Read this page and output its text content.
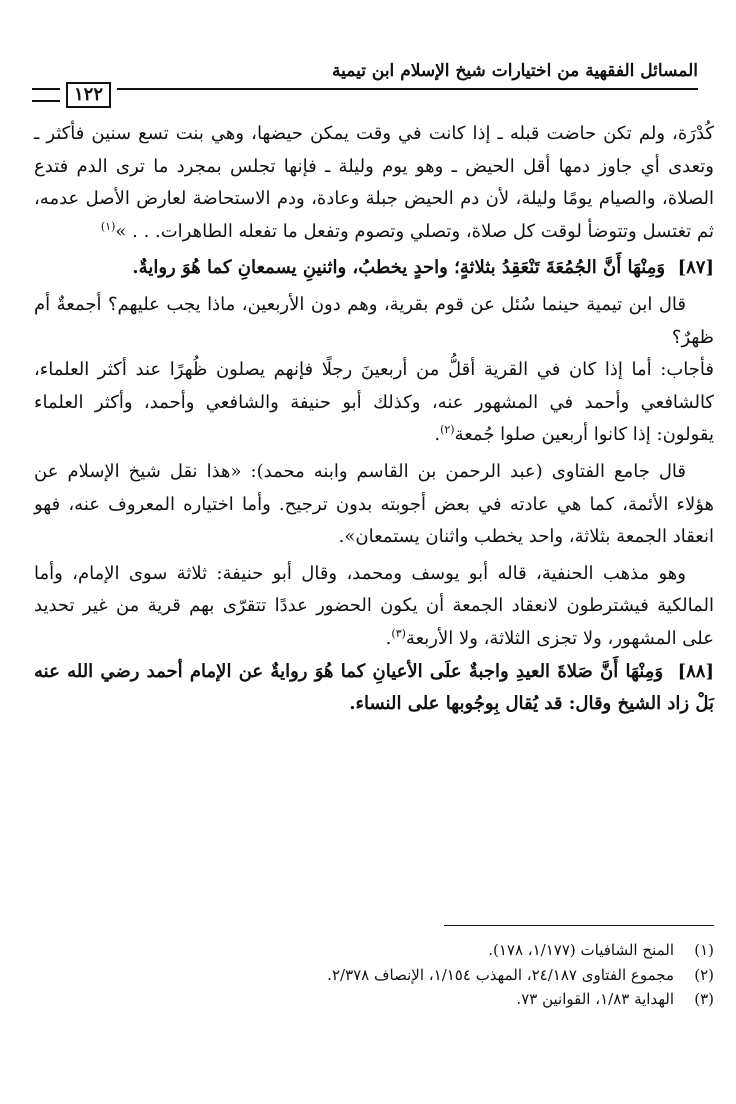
المسائل الفقهية من اختيارات شيخ الإسلام ابن تيمية
١٢٢

كُدْرَة، ولم تكن حاضت قبله ـ إذا كانت في وقت يمكن حيضها، وهي بنت تسع سنين فأكثر ـ وتعدى أي جاوز دمها أقل الحيض ـ وهو يوم وليلة ـ فإنها تجلس بمجرد ما ترى الدم فتدع الصلاة، والصيام يومًا وليلة، لأن دم الحيض جبلة وعادة، ودم الاستحاضة لعارض الأصل عدمه، ثم تغتسل وتتوضأ لوقت كل صلاة، وتصلي وتصوم وتفعل ما تفعله الطاهرات. . . »$^{(١)}$

[٨٧]  وَمِنْهَا أَنَّ الجُمُعَةَ تَنْعَقِدُ بثلاثةٍ؛ واحدٍ يخطبُ، واثنينِ يسمعانِ كما هُوَ روايةٌ.

قال ابن تيمية حينما سُئل عن قوم بقرية، وهم دون الأربعين، ماذا يجب عليهم؟ أجمعةٌ أم ظهرٌ؟

فأجاب: أما إذا كان في القرية أقلُّ من أربعينَ رجلًا فإنهم يصلون ظُهرًا عند أكثر العلماء، كالشافعي وأحمد في المشهور عنه، وكذلك أبو حنيفة والشافعي وأحمد، وأكثر العلماء يقولون: إذا كانوا أربعين صلوا جُمعة$^{(٢)}$.

قال جامع الفتاوى (عبد الرحمن بن القاسم وابنه محمد): «هذا نقل شيخ الإسلام عن هؤلاء الأئمة، كما هي عادته في بعض أجوبته بدون ترجيح. وأما اختياره المعروف عنه، فهو انعقاد الجمعة بثلاثة، واحد يخطب واثنان يستمعان».

وهو مذهب الحنفية، قاله أبو يوسف ومحمد، وقال أبو حنيفة: ثلاثة سوى الإمام، وأما المالكية فيشترطون لانعقاد الجمعة أن يكون الحضور عددًا تتقرّى بهم قرية من غير تحديد على المشهور، ولا تجزى الثلاثة، ولا الأربعة$^{(٣)}$.

[٨٨]  وَمِنْهَا أَنَّ صَلاةَ العيدِ واجبةٌ علَى الأعيانِ كما هُوَ روايةٌ عن الإمام أحمد رضي الله عنه بَلْ زاد الشيخ وقال: قد يُقال بِوجُوبها على النساء.

(١)
المنح الشافيات (١/١٧٧، ١٧٨).
(٢)
مجموع الفتاوى ٢٤/١٨٧، المهذب ١/١٥٤، الإنصاف ٢/٣٧٨.
(٣)
الهداية ١/٨٣، القوانين ٧٣.
